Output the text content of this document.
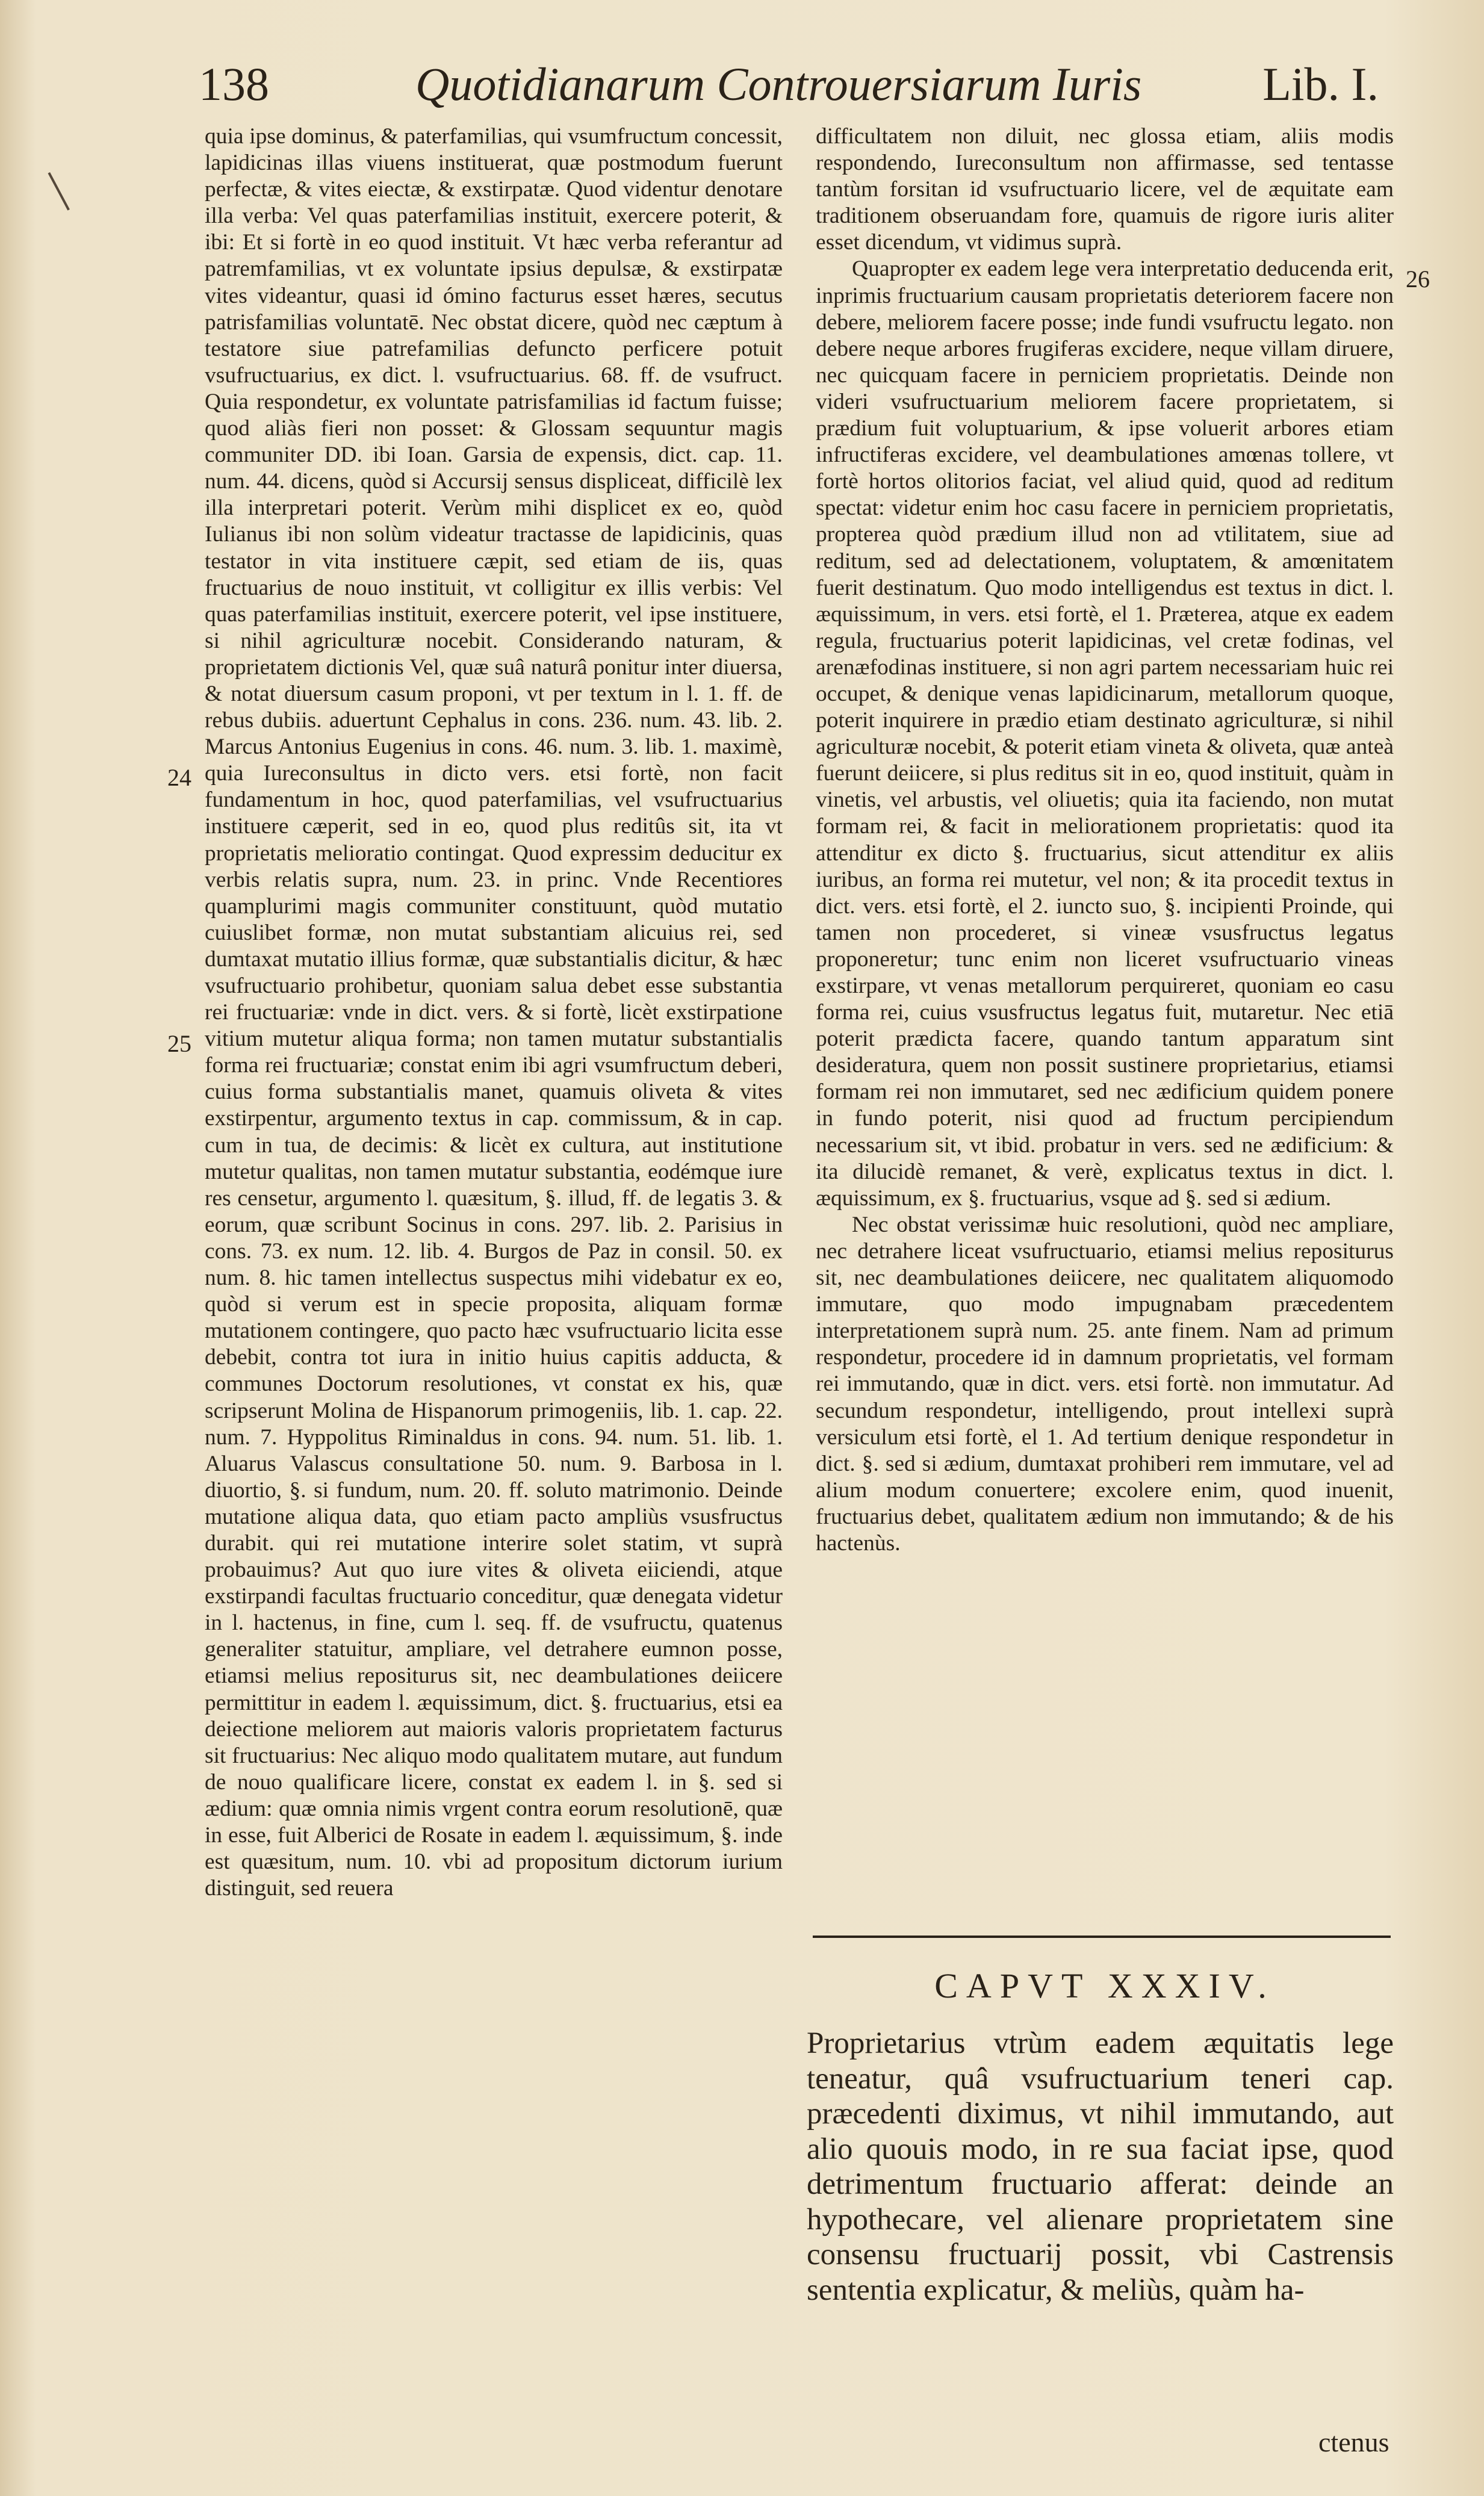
138	Quotidianarum Controuersiarum Iuris	Lib. I.
24
25
26

quia ipse dominus, & paterfamilias, qui vsumfructum concessit, lapidicinas illas viuens instituerat, quæ postmodum fuerunt perfectæ, & vites eiectæ, & exstirpatæ. Quod videntur denotare illa verba: Vel quas paterfamilias instituit, exercere poterit, & ibi: Et si fortè in eo quod instituit. Vt hæc verba referantur ad patremfamilias, vt ex voluntate ipsius depulsæ, & exstirpatæ vites videantur, quasi id ómino facturus esset hæres, secutus patrisfamilias voluntatē. Nec obstat dicere, quòd nec cæptum à testatore siue patrefamilias defuncto perficere potuit vsufructuarius, ex dict. l. vsufructuarius. 68. ff. de vsufruct. Quia respondetur, ex voluntate patrisfamilias id factum fuisse; quod aliàs fieri non posset: & Glossam sequuntur magis communiter DD. ibi Ioan. Garsia de expensis, dict. cap. 11. num. 44. dicens, quòd si Accursij sensus displiceat, difficilè lex illa interpretari poterit. Verùm mihi displicet ex eo, quòd Iulianus ibi non solùm videatur tractasse de lapidicinis, quas testator in vita instituere cæpit, sed etiam de iis, quas fructuarius de nouo instituit, vt colligitur ex illis verbis: Vel quas paterfamilias instituit, exercere poterit, vel ipse instituere, si nihil agriculturæ nocebit. Considerando naturam, & proprietatem dictionis Vel, quæ suâ naturâ ponitur inter diuersa, & notat diuersum casum proponi, vt per textum in l. 1. ff. de rebus dubiis. aduertunt Cephalus in cons. 236. num. 43. lib. 2. Marcus Antonius Eugenius in cons. 46. num. 3. lib. 1. maximè, quia Iureconsultus in dicto vers. etsi fortè, non facit fundamentum in hoc, quod paterfamilias, vel vsufructuarius instituere cæperit, sed in eo, quod plus reditûs sit, ita vt proprietatis melioratio contingat. Quod expressim deducitur ex verbis relatis supra, num. 23. in princ. Vnde Recentiores quamplurimi magis communiter constituunt, quòd mutatio cuiuslibet formæ, non mutat substantiam alicuius rei, sed dumtaxat mutatio illius formæ, quæ substantialis dicitur, & hæc vsufructuario prohibetur, quoniam salua debet esse substantia rei fructuariæ: vnde in dict. vers. & si fortè, licèt exstirpatione vitium mutetur aliqua forma; non tamen mutatur substantialis forma rei fructuariæ; constat enim ibi agri vsumfructum deberi, cuius forma substantialis manet, quamuis olivetа & vites exstirpentur, argumento textus in cap. commissum, & in cap. cum in tua, de decimis: & licèt ex cultura, aut institutione mutetur qualitas, non tamen mutatur substantia, eodémque iure res censetur, argumento l. quæsitum, §. illud, ff. de legatis 3. & eorum, quæ scribunt Socinus in cons. 297. lib. 2. Parisius in cons. 73. ex num. 12. lib. 4. Burgos de Paz in consil. 50. ex num. 8. hic tamen intellectus suspectus mihi videbatur ex eo, quòd si verum est in specie proposita, aliquam formæ mutationem contingere, quo pacto hæc vsufructuario licita esse debebit, contra tot iura in initio huius capitis adducta, & communes Doctorum resolutiones, vt constat ex his, quæ scripserunt Molina de Hispanorum primogeniis, lib. 1. cap. 22. num. 7. Hyppolitus Riminaldus in cons. 94. num. 51. lib. 1. Aluarus Valascus consultatione 50. num. 9. Barbosa in l. diuortio, §. si fundum, num. 20. ff. soluto matrimonio. Deinde mutatione aliqua data, quo etiam pacto ampliùs vsusfructus durabit. qui rei mutatione interire solet statim, vt suprà probauimus? Aut quo iure vites & olivetа eiiciendi, atque exstirpandi facultas fructuario conceditur, quæ denegata videtur in l. hactenus, in fine, cum l. seq. ff. de vsufructu, quatenus generaliter statuitur, ampliare, vel detrahere eumnon posse, etiamsi melius repositurus sit, nec deambulationes deiicere permittitur in eadem l. æquissimum, dict. §. fructuarius, etsi ea deiectione meliorem aut maioris valoris proprietatem facturus sit fructuarius: Nec aliquo modo qualitatem mutare, aut fundum de nouo qualificare licere, constat ex eadem l. in §. sed si ædium: quæ omnia nimis vrgent contra eorum resolutionē, quæ in esse, fuit Alberici de Rosate in eadem l. æquissimum, §. inde est quæsitum, num. 10. vbi ad propositum dictorum iurium distinguit, sed reuera

difficultatem non diluit, nec glossa etiam, aliis modis respondendo, Iureconsultum non affirmasse, sed tentasse tantùm forsitan id vsufructuario licere, vel de æquitate eam traditionem obseruandam fore, quamuis de rigore iuris aliter esset dicendum, vt vidimus suprà.

Quapropter ex eadem lege vera interpretatio deducenda erit, inprimis fructuarium causam proprietatis deteriorem facere non debere, meliorem facere posse; inde fundi vsufructu legato. non debere neque arbores frugiferas excidere, neque villam diruere, nec quicquam facere in perniciem proprietatis. Deinde non videri vsufructuarium meliorem facere proprietatem, si prædium fuit voluptuarium, & ipse voluerit arbores etiam infructiferas excidere, vel deambulationes amœnas tollere, vt fortè hortos olitorios faciat, vel aliud quid, quod ad reditum spectat: videtur enim hoc casu facere in perniciem proprietatis, propterea quòd prædium illud non ad vtilitatem, siue ad reditum, sed ad delectationem, voluptatem, & amœnitatem fuerit destinatum. Quo modo intelligendus est textus in dict. l. æquissimum, in vers. etsi fortè, el 1. Præterea, atque ex eadem regula, fructuarius poterit lapidicinas, vel cretæ fodinas, vel arenæfodinas instituere, si non agri partem necessariam huic rei occupet, & denique venas lapidicinarum, metallorum quoque, poterit inquirere in prædio etiam destinato agriculturæ, si nihil agriculturæ nocebit, & poterit etiam vineta & olivetа, quæ anteà fuerunt deiicere, si plus reditus sit in eo, quod instituit, quàm in vinetis, vel arbustis, vel oliuetis; quia ita faciendo, non mutat formam rei, & facit in meliorationem proprietatis: quod ita attenditur ex dicto §. fructuarius, sicut attenditur ex aliis iuribus, an forma rei mutetur, vel non; & ita procedit textus in dict. vers. etsi fortè, el 2. iuncto suo, §. incipienti Proinde, qui tamen non procederet, si vineæ vsusfructus legatus proponeretur; tunc enim non liceret vsufructuario vineas exstirpare, vt venas metallorum perquireret, quoniam eo casu forma rei, cuius vsusfructus legatus fuit, mutaretur. Nec etiā poterit prædicta facere, quando tantum apparatum sint desideratura, quem non possit sustinere proprietarius, etiamsi formam rei non immutaret, sed nec ædificium quidem ponere in fundo poterit, nisi quod ad fructum percipiendum necessarium sit, vt ibid. probatur in vers. sed ne ædificium: & ita dilucidè remanet, & verè, explicatus textus in dict. l. æquissimum, ex §. fructuarius, vsque ad §. sed si ædium.

Nec obstat verissimæ huic resolutioni, quòd nec ampliare, nec detrahere liceat vsufructuario, etiamsi melius repositurus sit, nec deambulationes deiicere, nec qualitatem aliquomodo immutare, quo modo impugnabam præcedentem interpretationem suprà num. 25. ante finem. Nam ad primum respondetur, procedere id in damnum proprietatis, vel formam rei immutando, quæ in dict. vers. etsi fortè. non immutatur. Ad secundum respondetur, intelligendo, prout intellexi suprà versiculum etsi fortè, el 1. Ad tertium denique respondetur in dict. §. sed si ædium, dumtaxat prohiberi rem immutare, vel ad alium modum conuertere; excolere enim, quod inuenit, fructuarius debet, qualitatem ædium non immutando; & de his hactenùs.

CAPVT XXXIV.
Proprietarius vtrùm eadem æquitatis lege teneatur, quâ vsufructuarium teneri cap. præcedenti diximus, vt nihil immutando, aut alio quouis modo, in re sua faciat ipse, quod detrimentum fructuario afferat: deinde an hypothecare, vel alienare proprietatem sine consensu fructuarij possit, vbi Castrensis sententia explicatur, & meliùs, quàm ha-
ctenus
